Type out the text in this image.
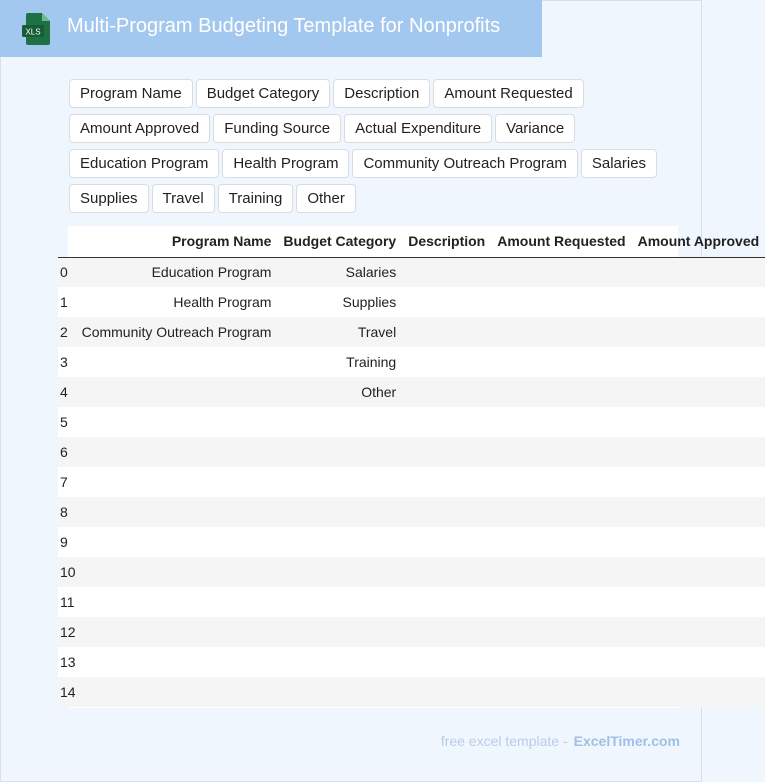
XLS Multi-Program Budgeting Template for Nonprofits
Program Name	Budget Category	Description	Amount Requested
Amount Approved	Funding Source	Actual Expenditure	Variance
Education Program	Health Program	Community Outreach Program	Salaries
Supplies	Travel	Training	Other
	Program Name	Budget Category	Description	Amount Requested	Amount Approved
0	Education Program	Salaries			
1	Health Program	Supplies			
2	Community Outreach Program	Travel			
3		Training			
4		Other			
5					
6					
7					
8					
9					
10					
11					
12					
13					
14					
free excel template - ExcelTimer.com
